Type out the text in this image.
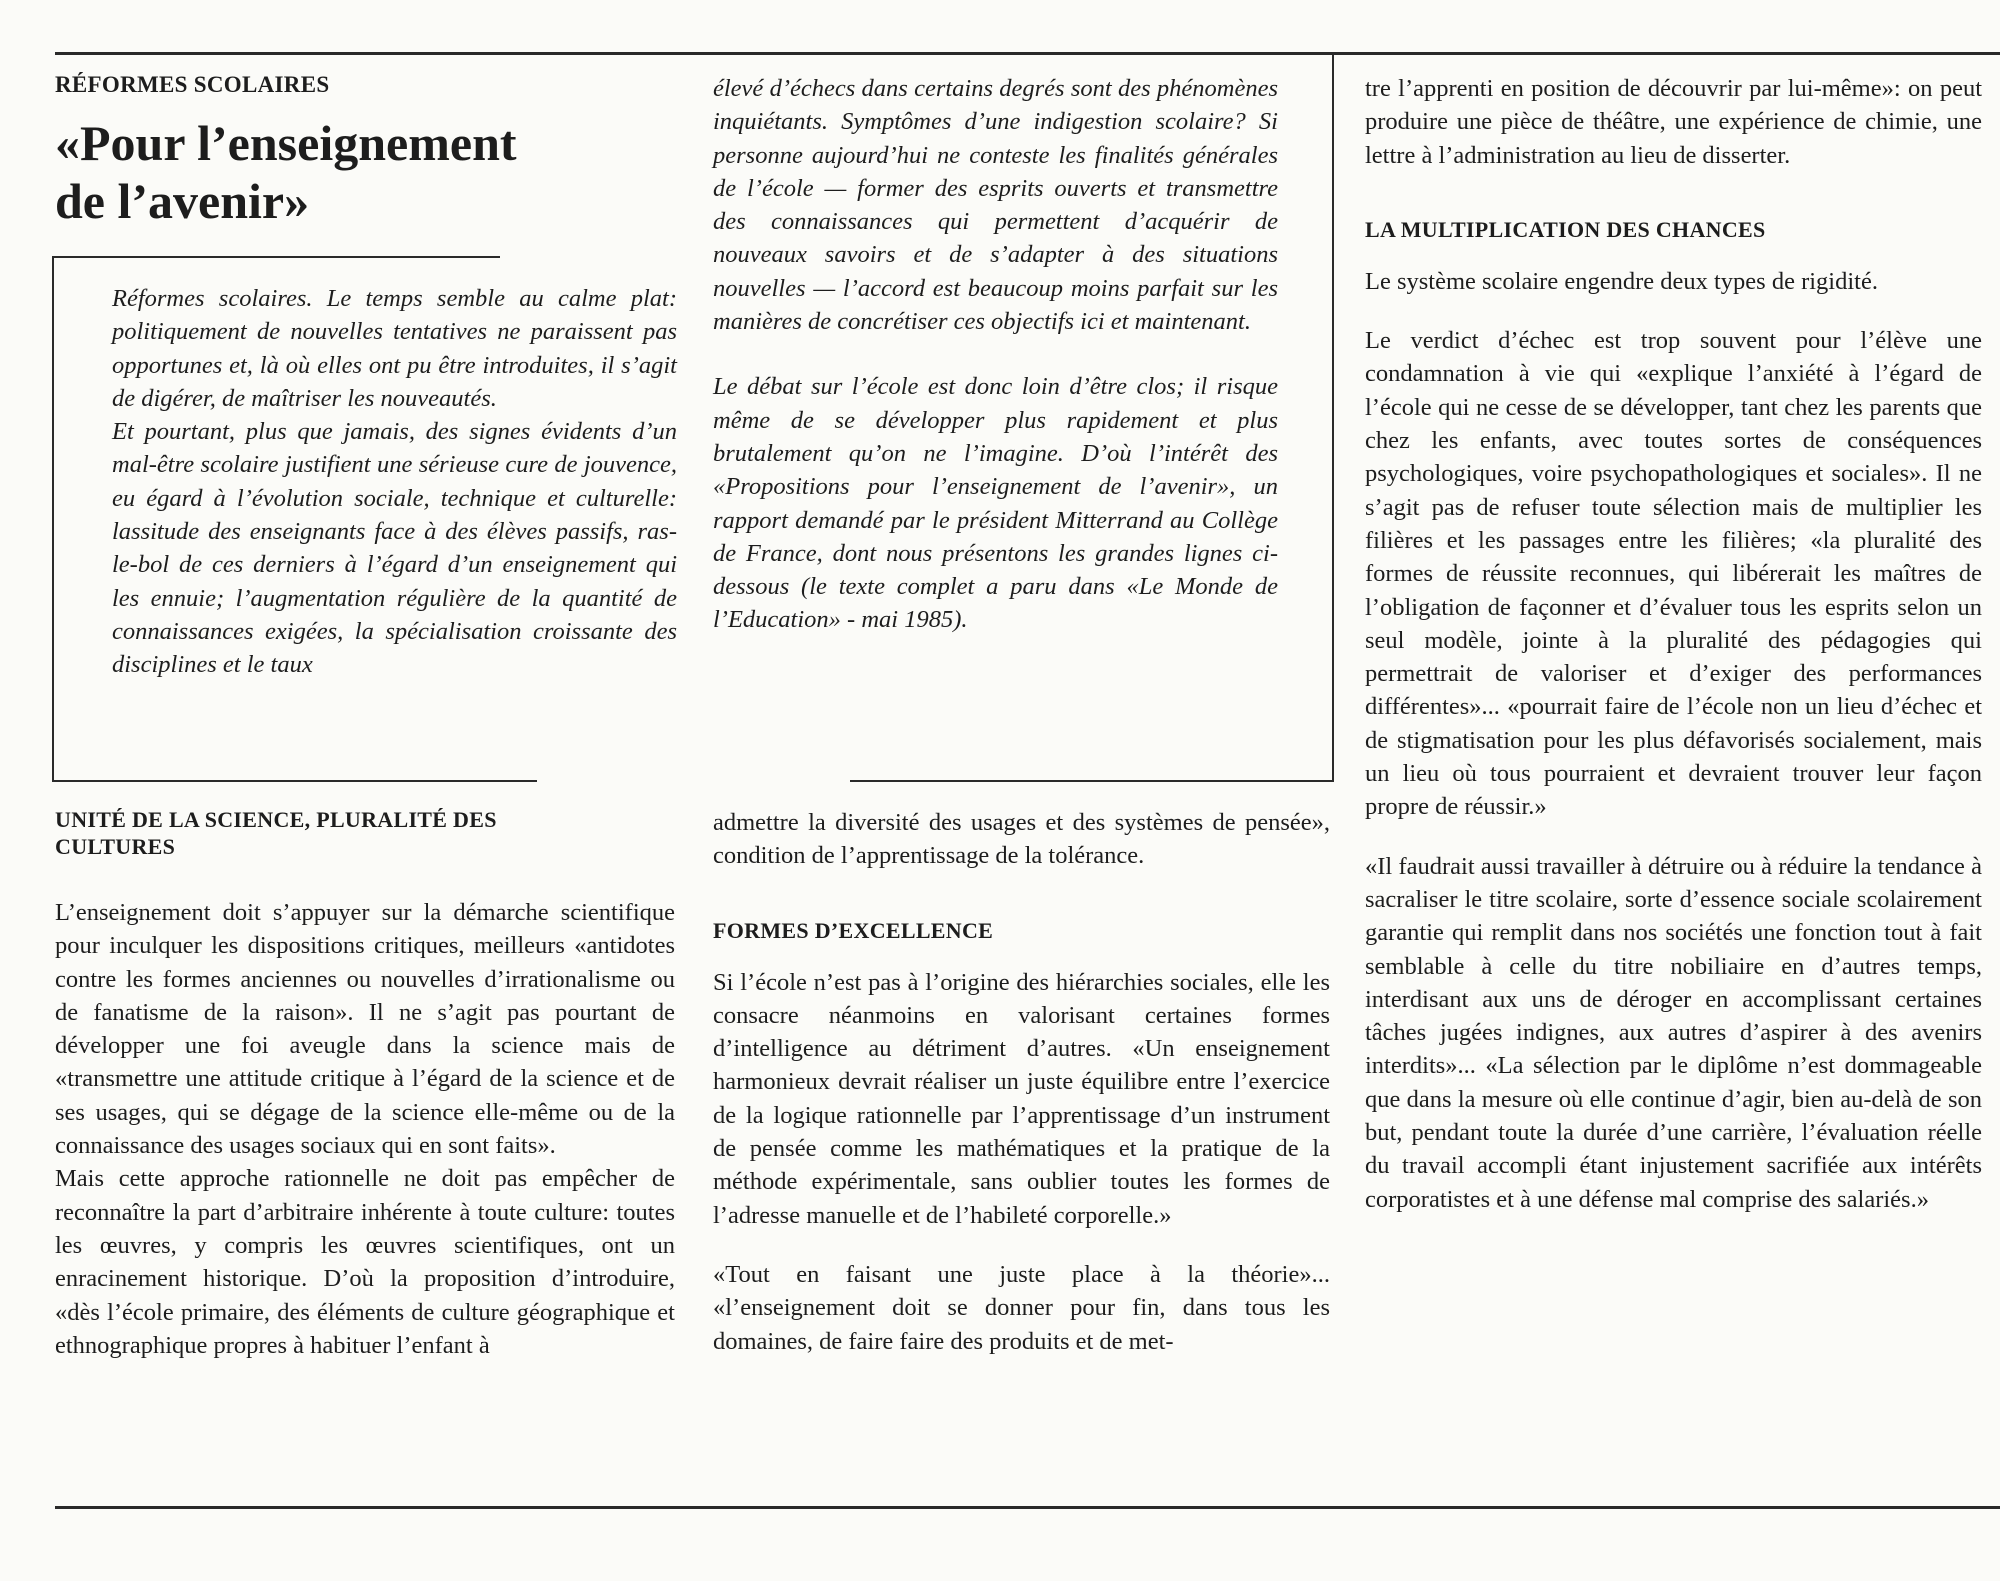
RÉFORMES SCOLAIRES

«Pour l’enseignement
de l’avenir»

Réformes scolaires. Le temps semble au calme plat: politiquement de nouvelles tentatives ne paraissent pas opportunes et, là où elles ont pu être introduites, il s’agit de digérer, de maîtriser les nouveautés.

Et pourtant, plus que jamais, des signes évidents d’un mal-être scolaire justifient une sérieuse cure de jouvence, eu égard à l’évolution sociale, technique et culturelle: lassitude des enseignants face à des élèves passifs, ras-le-bol de ces derniers à l’égard d’un enseignement qui les ennuie; l’augmentation régulière de la quantité de connaissances exigées, la spécialisation croissante des disciplines et le taux

élevé d’échecs dans certains degrés sont des phénomènes inquiétants. Symptômes d’une indigestion scolaire? Si personne aujourd’hui ne conteste les finalités générales de l’école — former des esprits ouverts et transmettre des connaissances qui permettent d’acquérir de nouveaux savoirs et de s’adapter à des situations nouvelles — l’accord est beaucoup moins parfait sur les manières de concrétiser ces objectifs ici et maintenant.

Le débat sur l’école est donc loin d’être clos; il risque même de se développer plus rapidement et plus brutalement qu’on ne l’imagine. D’où l’intérêt des «Propositions pour l’enseignement de l’avenir», un rapport demandé par le président Mitterrand au Collège de France, dont nous présentons les grandes lignes ci-dessous (le texte complet a paru dans «Le Monde de l’Education» - mai 1985).

tre l’apprenti en position de découvrir par lui-même»: on peut produire une pièce de théâtre, une expérience de chimie, une lettre à l’administration au lieu de disserter.

LA MULTIPLICATION DES CHANCES

Le système scolaire engendre deux types de rigidité.

Le verdict d’échec est trop souvent pour l’élève une condamnation à vie qui «explique l’anxiété à l’égard de l’école qui ne cesse de se développer, tant chez les parents que chez les enfants, avec toutes sortes de conséquences psychologiques, voire psychopathologiques et sociales». Il ne s’agit pas de refuser toute sélection mais de multiplier les filières et les passages entre les filières; «la pluralité des formes de réussite reconnues, qui libérerait les maîtres de l’obligation de façonner et d’évaluer tous les esprits selon un seul modèle, jointe à la pluralité des pédagogies qui permettrait de valoriser et d’exiger des performances différentes»... «pourrait faire de l’école non un lieu d’échec et de stigmatisation pour les plus défavorisés socialement, mais un lieu où tous pourraient et devraient trouver leur façon propre de réussir.»

«Il faudrait aussi travailler à détruire ou à réduire la tendance à sacraliser le titre scolaire, sorte d’essence sociale scolairement garantie qui remplit dans nos sociétés une fonction tout à fait semblable à celle du titre nobiliaire en d’autres temps, interdisant aux uns de déroger en accomplissant certaines tâches jugées indignes, aux autres d’aspirer à des avenirs interdits»... «La sélection par le diplôme n’est dommageable que dans la mesure où elle continue d’agir, bien au-delà de son but, pendant toute la durée d’une carrière, l’évaluation réelle du travail accompli étant injustement sacrifiée aux intérêts corporatistes et à une défense mal comprise des salariés.»

UNITÉ DE LA SCIENCE, PLURALITÉ DES CULTURES

L’enseignement doit s’appuyer sur la démarche scientifique pour inculquer les dispositions critiques, meilleurs «antidotes contre les formes anciennes ou nouvelles d’irrationalisme ou de fanatisme de la raison». Il ne s’agit pas pourtant de développer une foi aveugle dans la science mais de «transmettre une attitude critique à l’égard de la science et de ses usages, qui se dégage de la science elle-même ou de la connaissance des usages sociaux qui en sont faits».

Mais cette approche rationnelle ne doit pas empêcher de reconnaître la part d’arbitraire inhérente à toute culture: toutes les œuvres, y compris les œuvres scientifiques, ont un enracinement historique. D’où la proposition d’introduire, «dès l’école primaire, des éléments de culture géographique et ethnographique propres à habituer l’enfant à

admettre la diversité des usages et des systèmes de pensée», condition de l’apprentissage de la tolérance.

FORMES D’EXCELLENCE

Si l’école n’est pas à l’origine des hiérarchies sociales, elle les consacre néanmoins en valorisant certaines formes d’intelligence au détriment d’autres. «Un enseignement harmonieux devrait réaliser un juste équilibre entre l’exercice de la logique rationnelle par l’apprentissage d’un instrument de pensée comme les mathématiques et la pratique de la méthode expérimentale, sans oublier toutes les formes de l’adresse manuelle et de l’habileté corporelle.»

«Tout en faisant une juste place à la théorie»... «l’enseignement doit se donner pour fin, dans tous les domaines, de faire faire des produits et de met-
